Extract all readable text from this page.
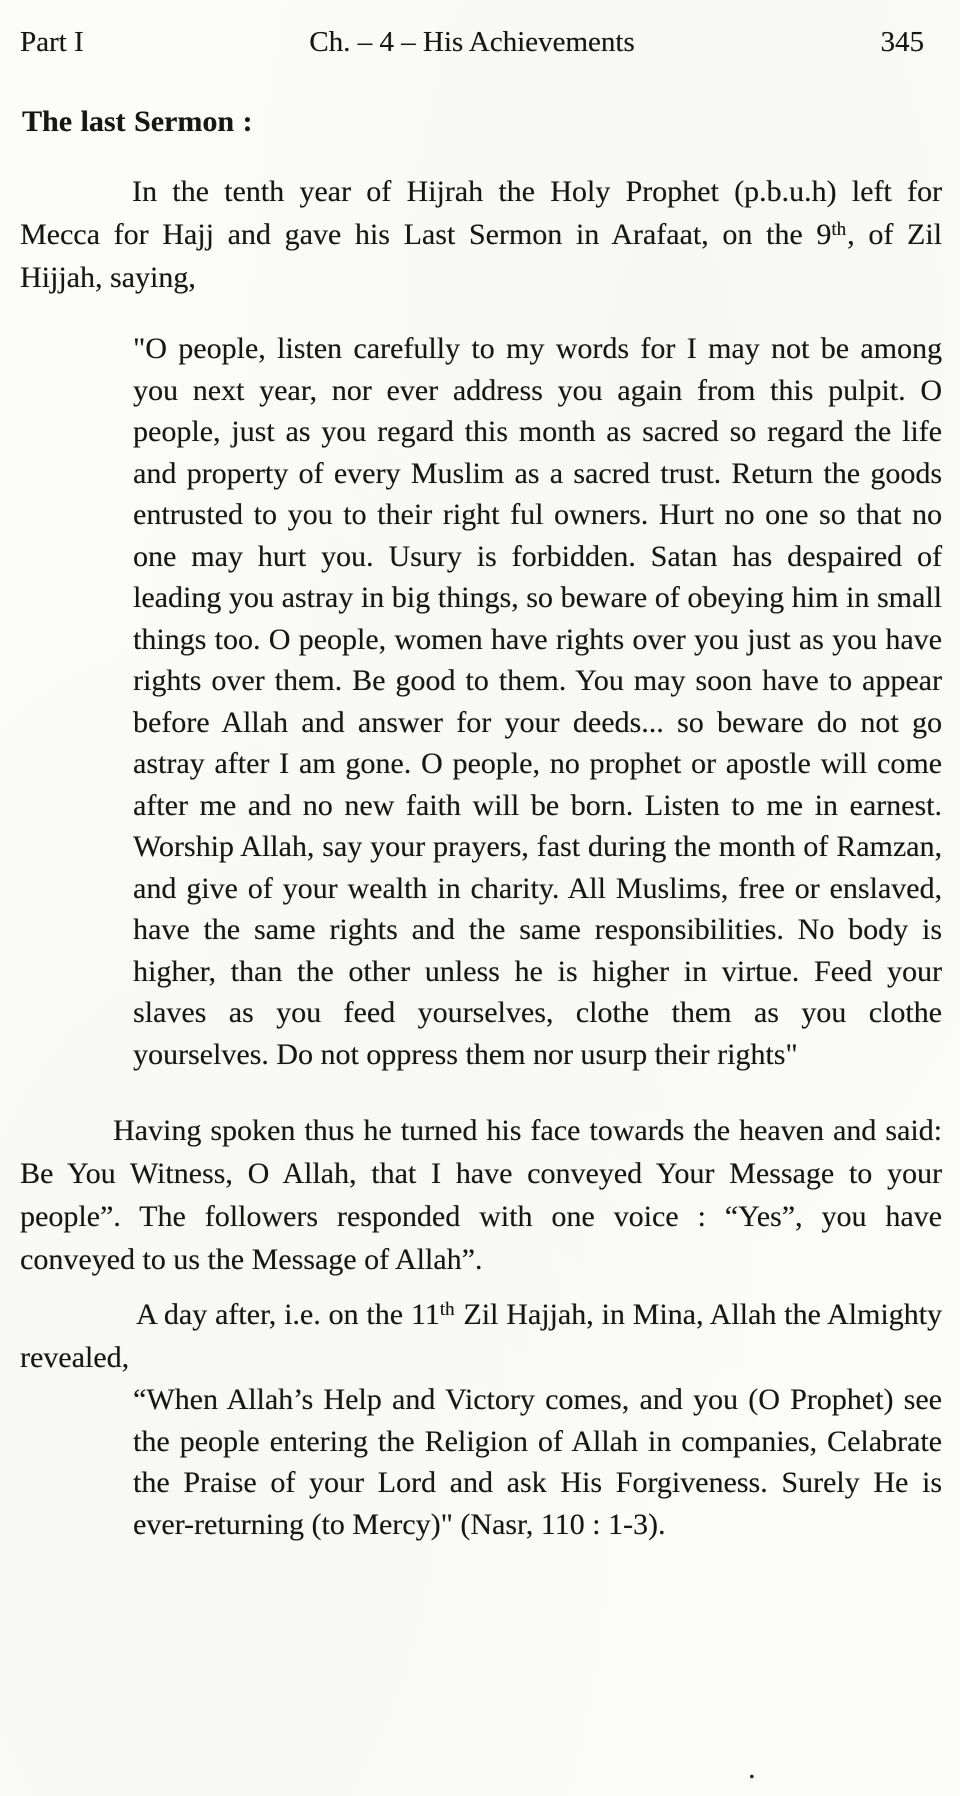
Part I	Ch. – 4 – His Achievements	345
The last Sermon :

In the tenth year of Hijrah the Holy Prophet (p.b.u.h) left for Mecca for Hajj and gave his Last Sermon in Arafaat, on the 9th, of Zil Hijjah, saying,

"O people, listen carefully to my words for I may not be among you next year, nor ever address you again from this pulpit. O people, just as you regard this month as sacred so regard the life and property of every Muslim as a sacred trust. Return the goods entrusted to you to their right ful owners. Hurt no one so that no one may hurt you. Usury is forbidden. Satan has despaired of leading you astray in big things, so beware of obeying him in small things too. O people, women have rights over you just as you have rights over them. Be good to them. You may soon have to appear before Allah and answer for your deeds... so beware do not go astray after I am gone. O people, no prophet or apostle will come after me and no new faith will be born. Listen to me in earnest. Worship Allah, say your prayers, fast during the month of Ramzan, and give of your wealth in charity. All Muslims, free or enslaved, have the same rights and the same responsibilities. No body is higher, than the other unless he is higher in virtue. Feed your slaves as you feed yourselves, clothe them as you clothe yourselves. Do not oppress them nor usurp their rights"

Having spoken thus he turned his face towards the heaven and said: Be You Witness, O Allah, that I have conveyed Your Message to your people”. The followers responded with one voice : “Yes”, you have conveyed to us the Message of Allah”.

A day after, i.e. on the 11th Zil Hajjah, in Mina, Allah the Almighty revealed,

“When Allah’s Help and Victory comes, and you (O Prophet) see the people entering the Religion of Allah in companies, Celabrate the Praise of your Lord and ask His Forgiveness. Surely He is ever-returning (to Mercy)" (Nasr, 110 : 1-3).

.
